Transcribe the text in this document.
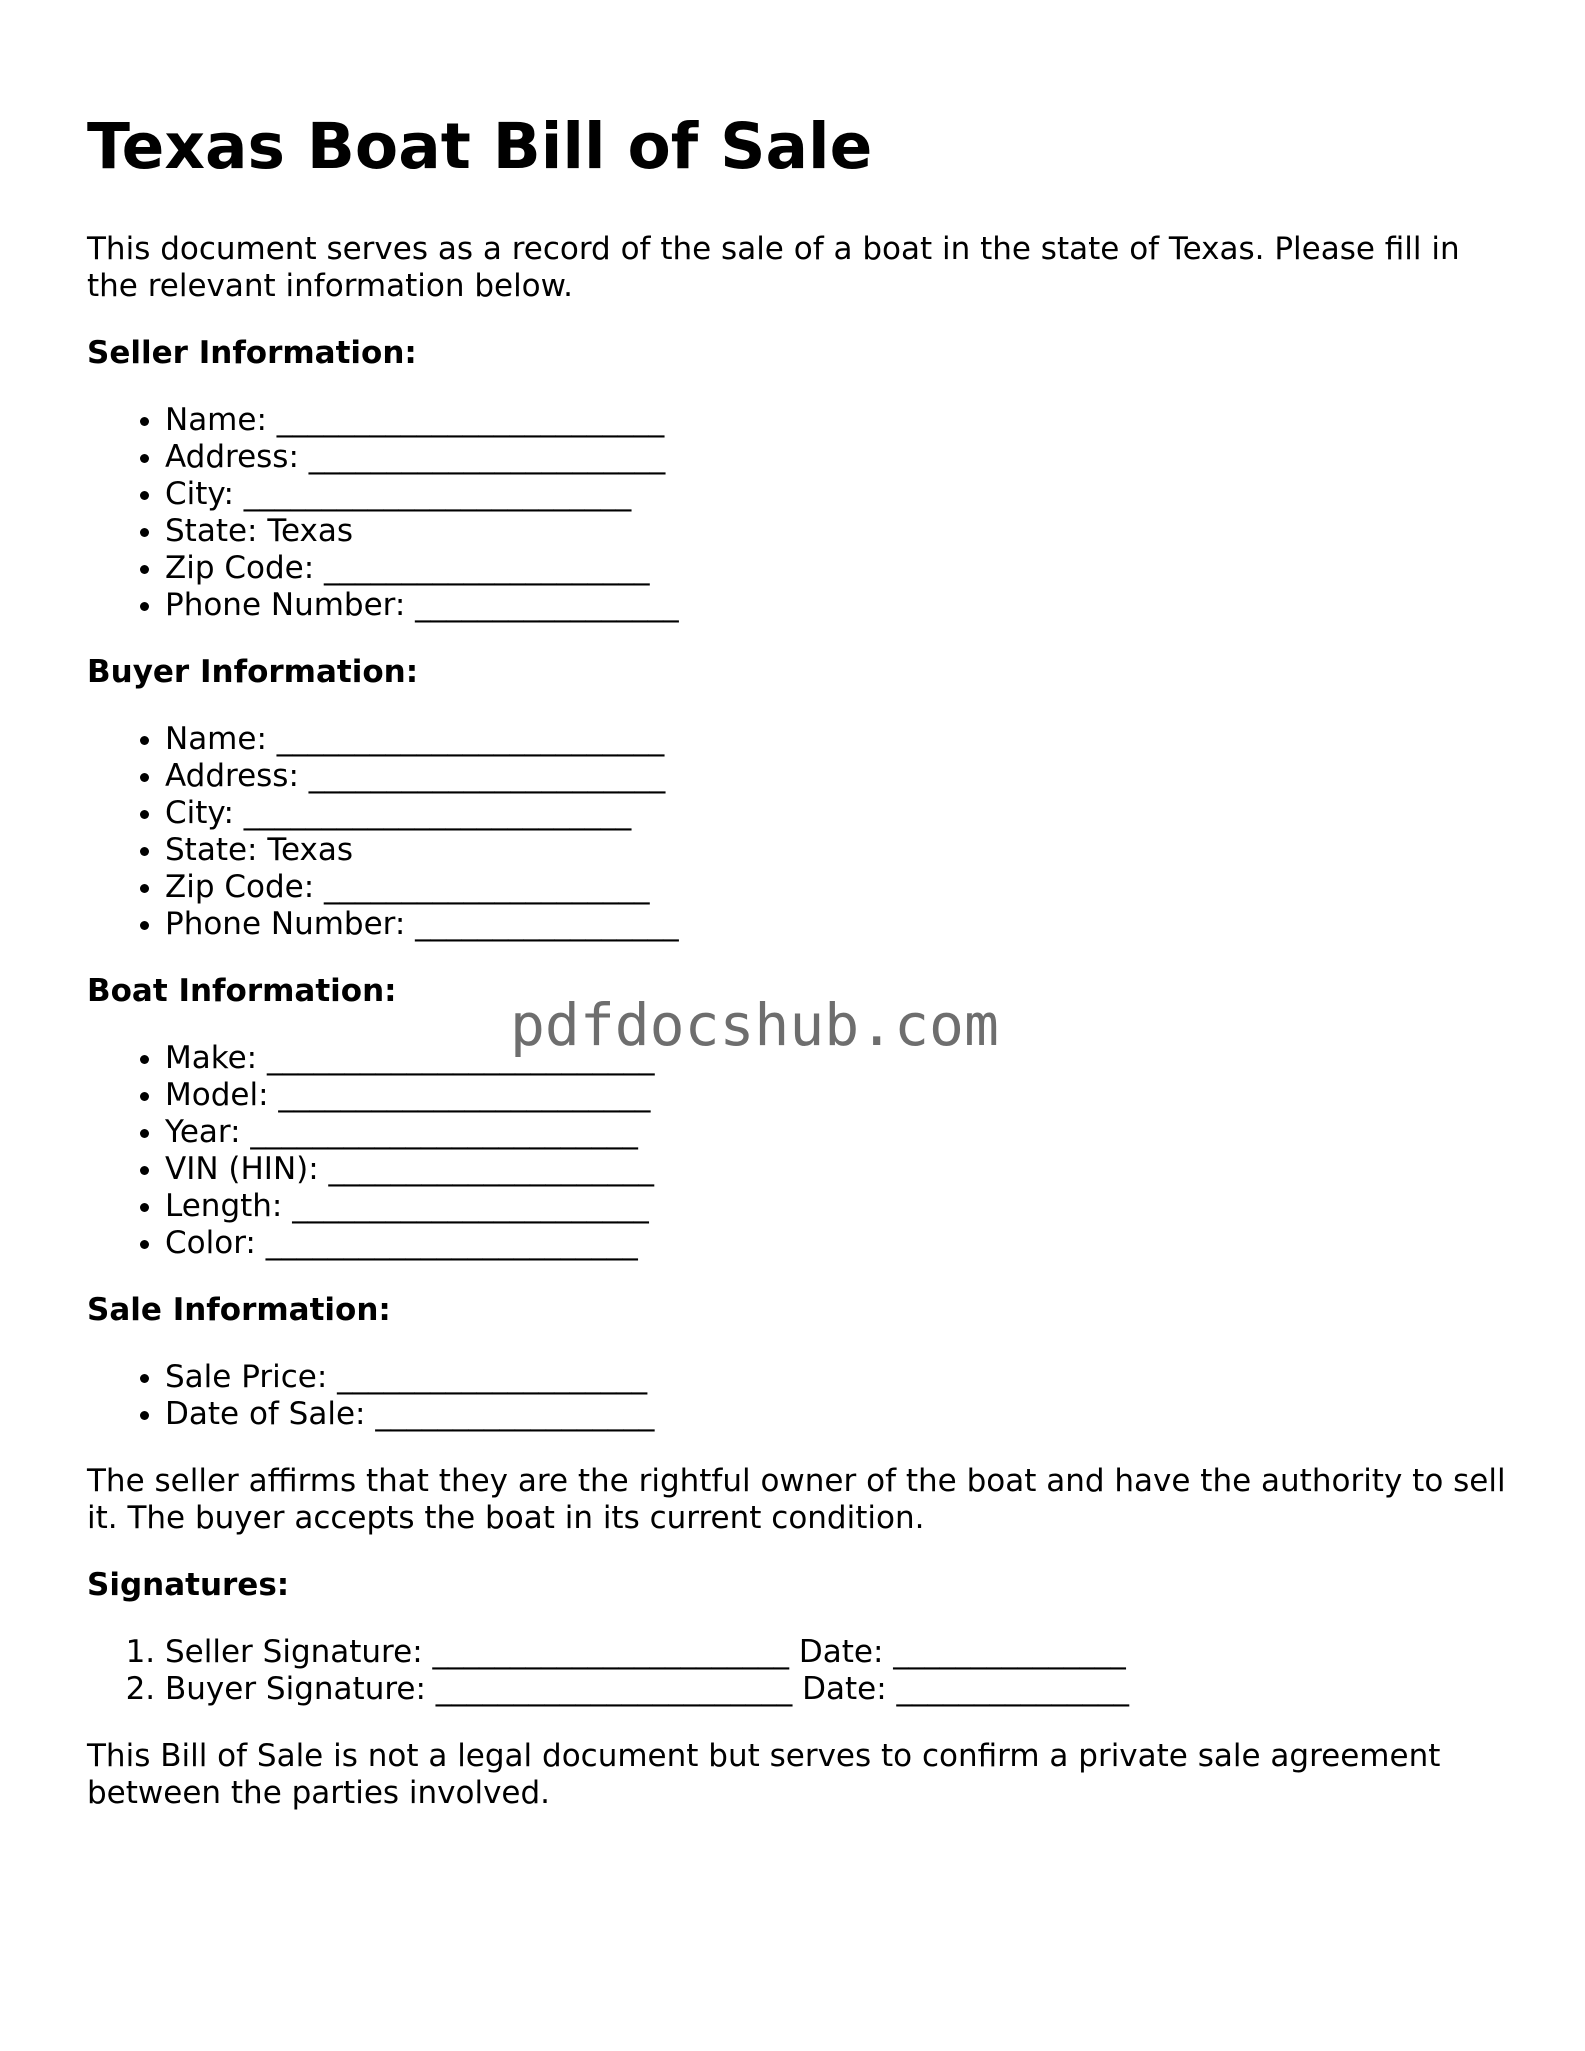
Texas Boat Bill of Sale

This document serves as a record of the sale of a boat in the state of Texas. Please fill in the relevant information below.

Seller Information:
• Name: _________________________
• Address: _______________________
• City: _________________________
• State: Texas
• Zip Code: _____________________
• Phone Number: _________________
Buyer Information:
• Name: _________________________
• Address: _______________________
• City: _________________________
• State: Texas
• Zip Code: _____________________
• Phone Number: _________________
Boat Information:
• Make: _________________________
• Model: ________________________
• Year: _________________________
• VIN (HIN): _____________________
• Length: _______________________
• Color: ________________________
Sale Information:
• Sale Price: ____________________
• Date of Sale: __________________

The seller affirms that they are the rightful owner of the boat and have the authority to sell it. The buyer accepts the boat in its current condition.

Signatures:
1. Seller Signature: _______________________ Date: _______________
2. Buyer Signature: _______________________ Date: _______________

This Bill of Sale is not a legal document but serves to confirm a private sale agreement between the parties involved.

pdfdocshub.com
